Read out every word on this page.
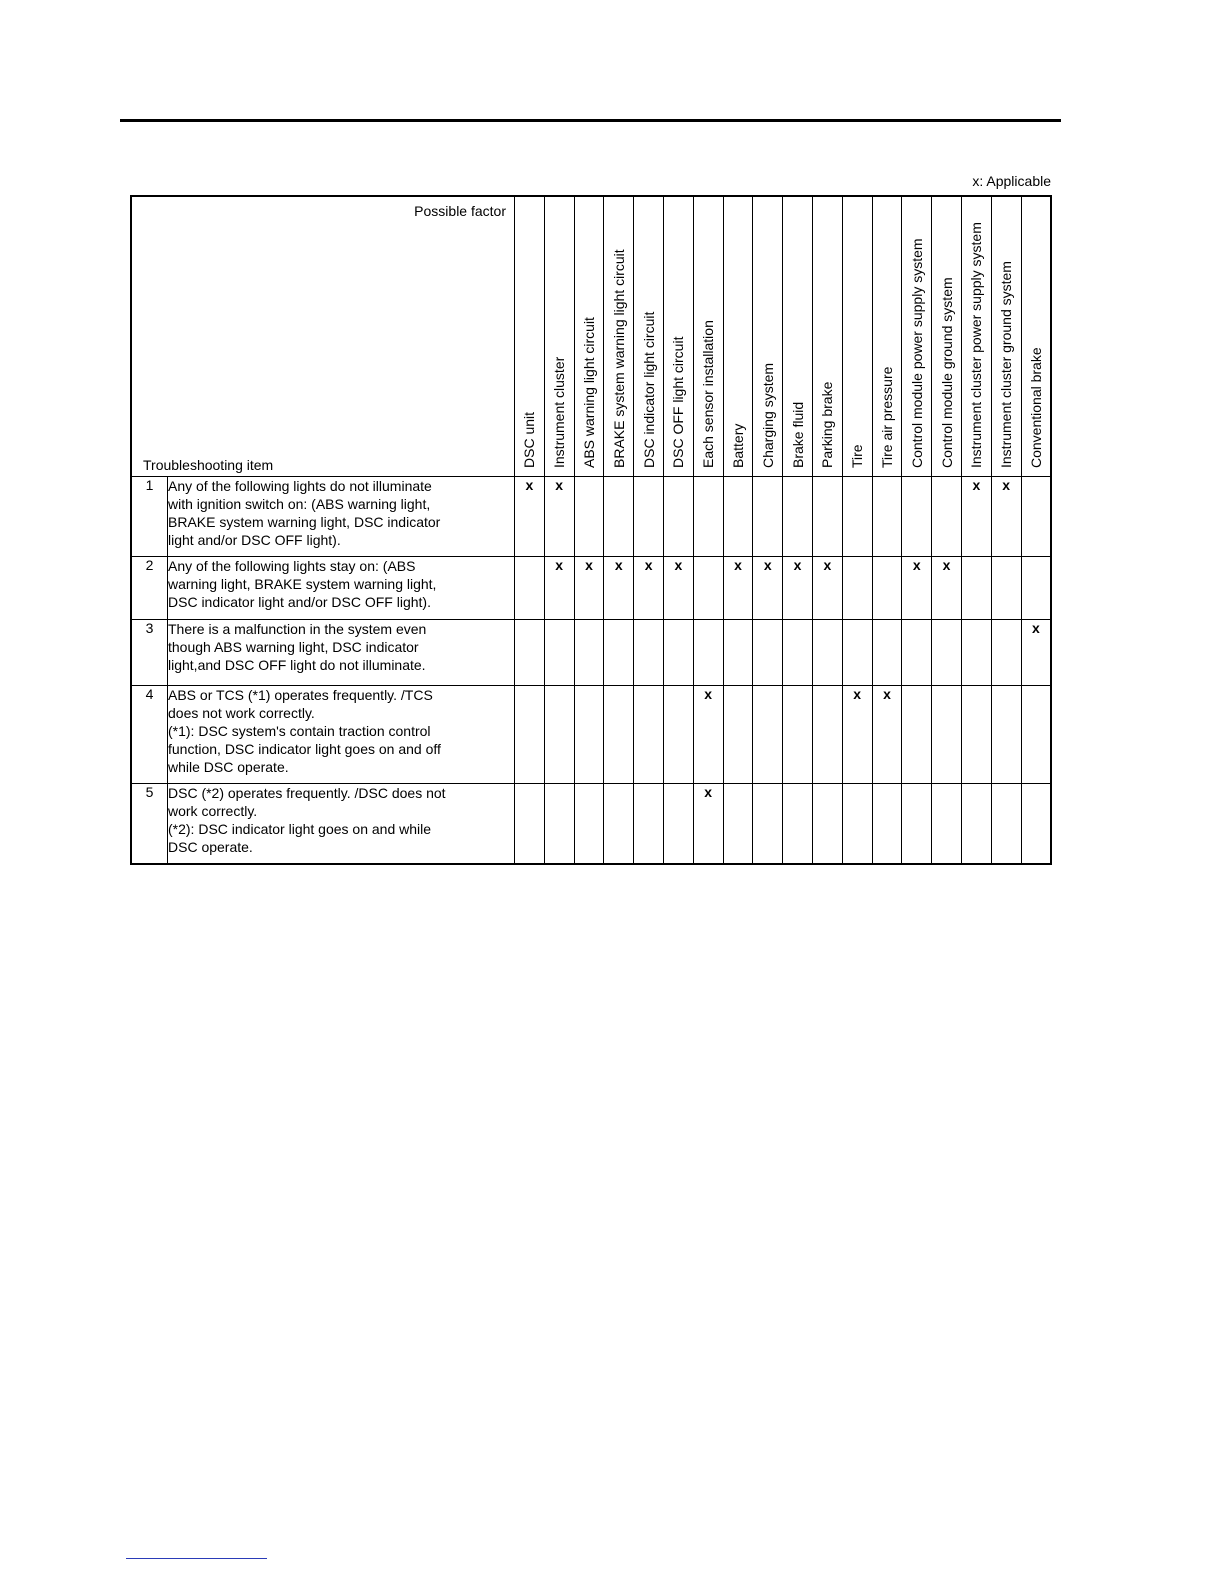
x: Applicable
Possible factor
Troubleshooting item		DSC unit	Instrument cluster	ABS warning light circuit	BRAKE system warning light circuit	DSC indicator light circuit	DSC OFF light circuit	Each sensor installation	Battery	Charging system	Brake fluid	Parking brake	Tire	Tire air pressure	Control module power supply system	Control module ground system	Instrument cluster power supply system	Instrument cluster ground system	Conventional brake

1	Any of the following lights do not illuminate
with ignition switch on: (ABS warning light,
BRAKE system warning light, DSC indicator
light and/or DSC OFF light).	x	x														x	x	
2	Any of the following lights stay on: (ABS
warning light, BRAKE system warning light,
DSC indicator light and/or DSC OFF light).		x	x	x	x	x		x	x	x	x			x	x			
3	There is a malfunction in the system even
though ABS warning light, DSC indicator
light,and DSC OFF light do not illuminate.																		x
4	ABS or TCS (*1) operates frequently. /TCS
does not work correctly.
(*1): DSC system's contain traction control
function, DSC indicator light goes on and off
while DSC operate.							x					x	x					
5	DSC (*2) operates frequently. /DSC does not
work correctly.
(*2): DSC indicator light goes on and while
DSC operate.							x											
